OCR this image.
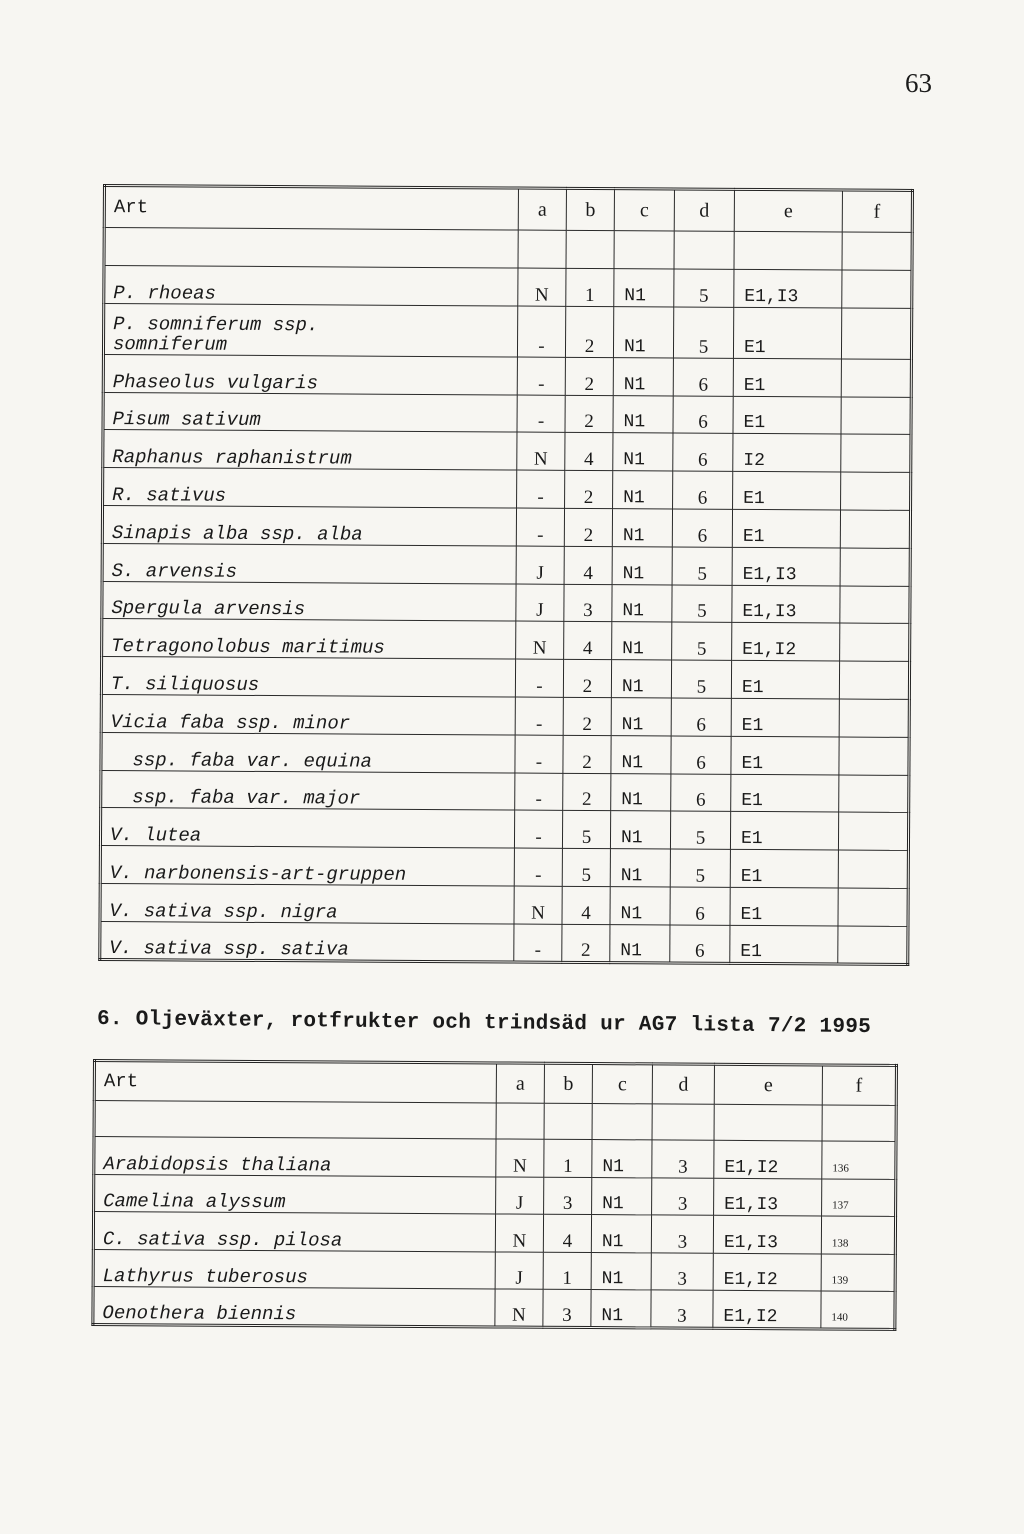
63
Art	a	b	c	d	e	f

P. rhoeas	N	1	N1	5	E1,I3	

P. somniferum ssp.
somniferum	-	2	N1	5	E1	
Phaseolus vulgaris	-	2	N1	6	E1	
Pisum sativum	-	2	N1	6	E1	
Raphanus raphanistrum	N	4	N1	6	I2	
R. sativus	-	2	N1	6	E1	
Sinapis alba ssp. alba	-	2	N1	6	E1	
S. arvensis	J	4	N1	5	E1,I3	
Spergula arvensis	J	3	N1	5	E1,I3	
Tetragonolobus maritimus	N	4	N1	5	E1,I2	
T. siliquosus	-	2	N1	5	E1	
Vicia faba ssp. minor	-	2	N1	6	E1	
ssp. faba var. equina	-	2	N1	6	E1	
ssp. faba var. major	-	2	N1	6	E1	
V. lutea	-	5	N1	5	E1	
V. narbonensis-art-gruppen	-	5	N1	5	E1	
V. sativa ssp. nigra	N	4	N1	6	E1	
V. sativa ssp. sativa	-	2	N1	6	E1	
6. Oljeväxter, rotfrukter och trindsäd ur AG7 lista 7/2 1995
Art	a	b	c	d	e	f

Arabidopsis thaliana	N	1	N1	3	E1,I2	136
Camelina alyssum	J	3	N1	3	E1,I3	137
C. sativa ssp. pilosa	N	4	N1	3	E1,I3	138
Lathyrus tuberosus	J	1	N1	3	E1,I2	139
Oenothera biennis	N	3	N1	3	E1,I2	140
